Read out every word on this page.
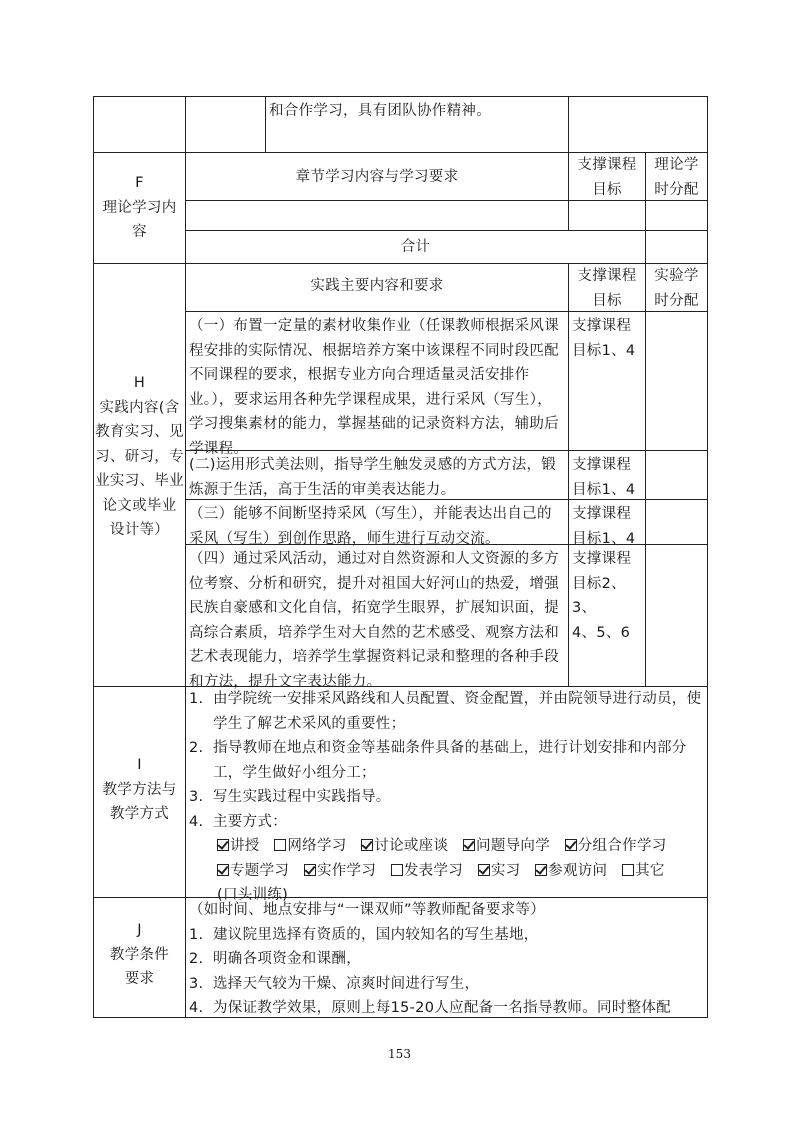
和合作学习，具有团队协作精神。
F
理论学习内
容
章节学习内容与学习要求
支撑课程
目标
理论学
时分配
合计
H
实践内容(含
教育实习、见
习、研习，专
业实习、毕业
论文或毕业
设计等）
实践主要内容和要求
支撑课程
目标
实验学
时分配
（一）布置一定量的素材收集作业（任课教师根据采风课程安排的实际情况、根据培养方案中该课程不同时段匹配不同课程的要求，根据专业方向合理适量灵活安排作业。），要求运用各种先学课程成果，进行采风（写生），学习搜集素材的能力，掌握基础的记录资料方法，辅助后学课程。
支撑课程
目标1、4
(二)运用形式美法则，指导学生触发灵感的方式方法，锻炼源于生活，高于生活的审美表达能力。
支撑课程
目标1、4
（三）能够不间断坚持采风（写生），并能表达出自己的采风（写生）到创作思路，师生进行互动交流。
支撑课程
目标1、4
（四）通过采风活动，通过对自然资源和人文资源的多方位考察、分析和研究，提升对祖国大好河山的热爱，增强民族自豪感和文化自信，拓宽学生眼界，扩展知识面，提高综合素质，培养学生对大自然的艺术感受、观察方法和艺术表现能力，培养学生掌握资料记录和整理的各种手段和方法，提升文字表达能力。
支撑课程
目标2、3、
4、5、6
I
教学方法与
教学方式
1. 由学院统一安排采风路线和人员配置、资金配置，并由院领导进行动员，使学生了解艺术采风的重要性；
2. 指导教师在地点和资金等基础条件具备的基础上，进行计划安排和内部分工，学生做好小组分工；
3. 写生实践过程中实践指导。
4. 主要方式：
讲授 网络学习 讨论或座谈 问题导向学 分组合作学习
专题学习 实作学习 发表学习 实习 参观访问 其它
(口头训练)
J
教学条件
要求
（如时间、地点安排与“一课双师”等教师配备要求等）
1. 建议院里选择有资质的，国内较知名的写生基地，
2. 明确各项资金和课酬，
3. 选择天气较为干燥、凉爽时间进行写生，
4. 为保证教学效果，原则上每15-20人应配备一名指导教师。同时整体配
153
